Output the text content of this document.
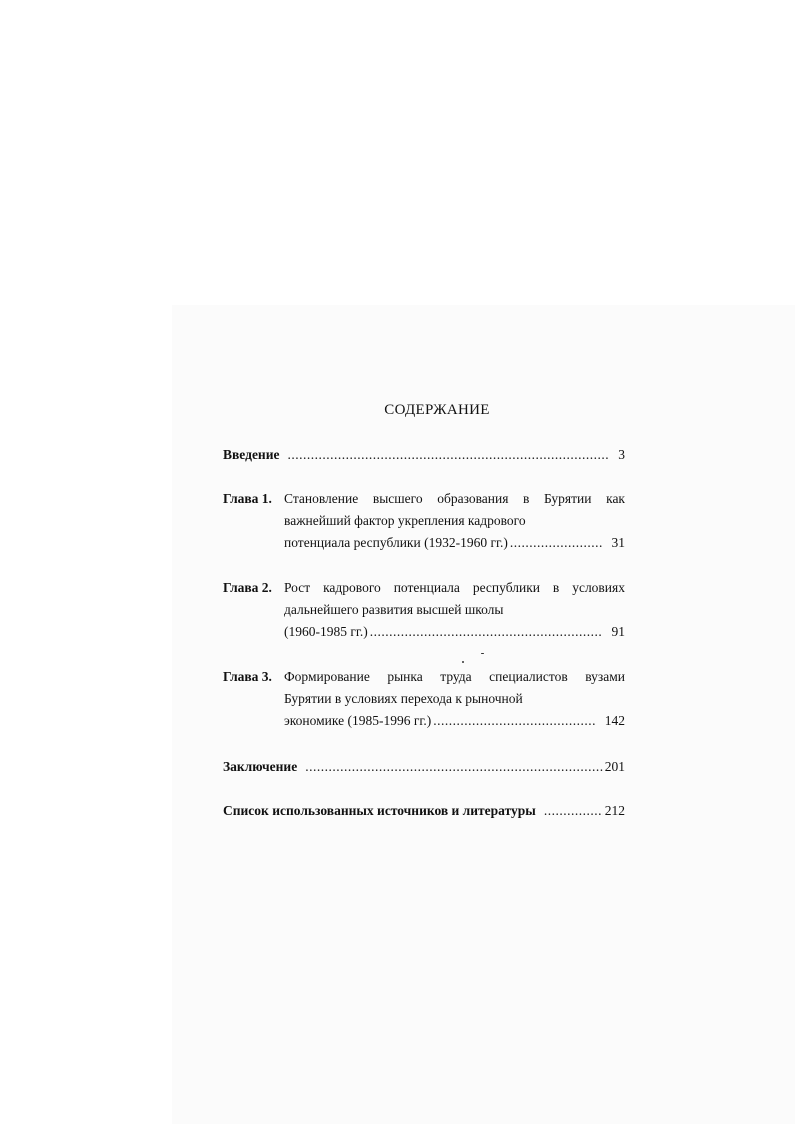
СОДЕРЖАНИЕ
Введение .....	3
Глава 1. Становление высшего образования в Бурятии как
важнейший фактор укрепления кадрового
потенциала республики (1932-1960 гг.) .....	31
Глава 2. Рост кадрового потенциала республики в условиях
дальнейшего развития высшей школы
(1960-1985 гг.) .....	91
Глава 3. Формирование рынка труда специалистов вузами
Бурятии в условиях перехода к рыночной
экономике (1985-1996 гг.) .....	142
Заключение .....	201
Список использованных источников и литературы .....	212
